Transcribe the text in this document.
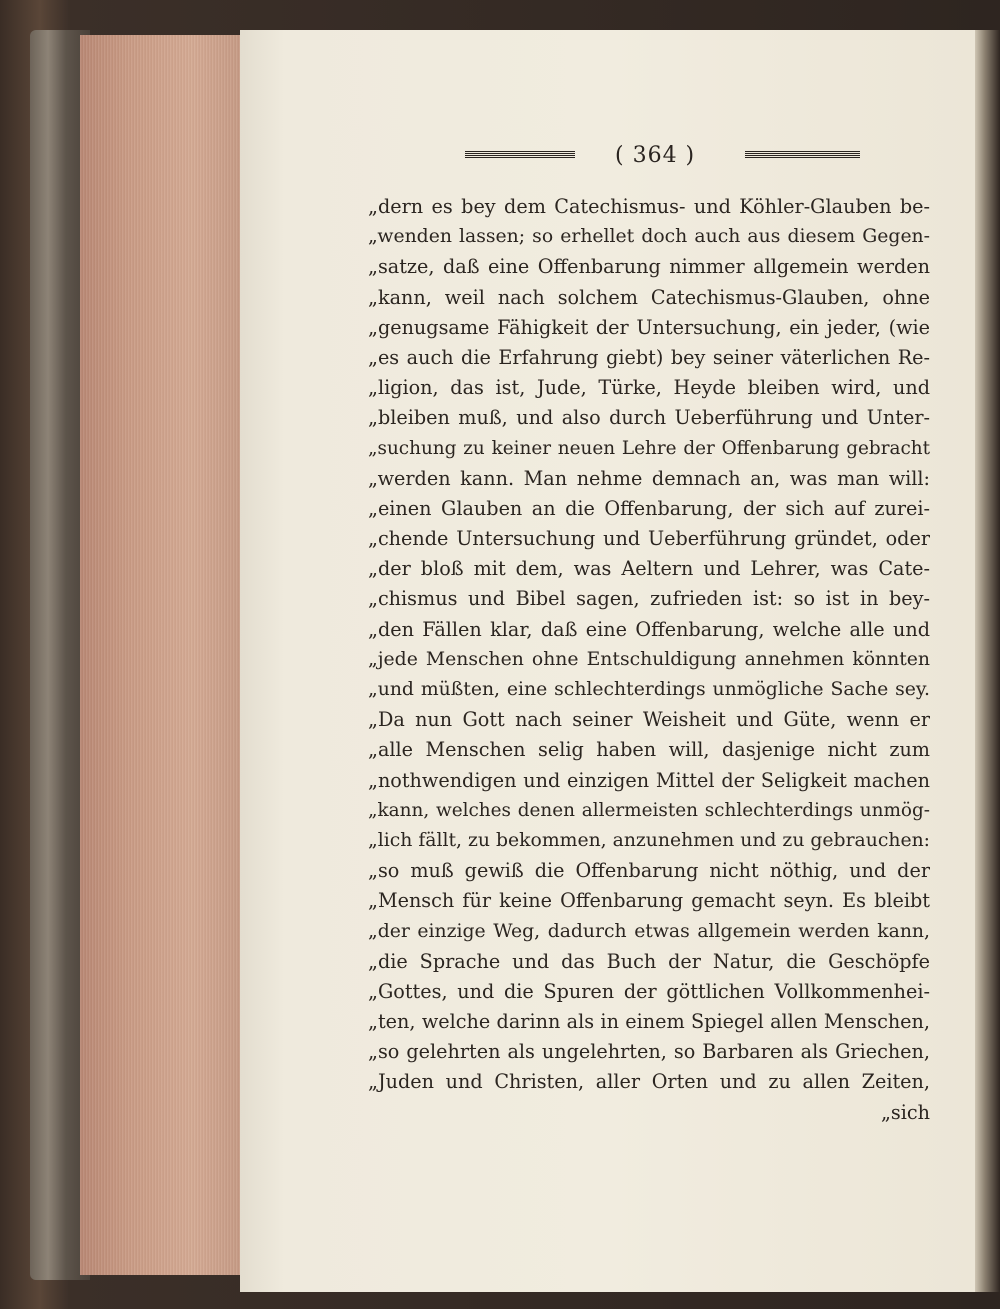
( 364 )
„dern es bey dem Catechismus- und Köhler-Glauben be-
„wenden lassen; so erhellet doch auch aus diesem Gegen-
„satze, daß eine Offenbarung nimmer allgemein werden
„kann, weil nach solchem Catechismus-Glauben, ohne
„genugsame Fähigkeit der Untersuchung, ein jeder, (wie
„es auch die Erfahrung giebt) bey seiner väterlichen Re-
„ligion, das ist, Jude, Türke, Heyde bleiben wird, und
„bleiben muß, und also durch Ueberführung und Unter-
„suchung zu keiner neuen Lehre der Offenbarung gebracht
„werden kann. Man nehme demnach an, was man will:
„einen Glauben an die Offenbarung, der sich auf zurei-
„chende Untersuchung und Ueberführung gründet, oder
„der bloß mit dem, was Aeltern und Lehrer, was Cate-
„chismus und Bibel sagen, zufrieden ist: so ist in bey-
„den Fällen klar, daß eine Offenbarung, welche alle und
„jede Menschen ohne Entschuldigung annehmen könnten
„und müßten, eine schlechterdings unmögliche Sache sey.
„Da nun Gott nach seiner Weisheit und Güte, wenn er
„alle Menschen selig haben will, dasjenige nicht zum
„nothwendigen und einzigen Mittel der Seligkeit machen
„kann, welches denen allermeisten schlechterdings unmög-
„lich fällt, zu bekommen, anzunehmen und zu gebrauchen:
„so muß gewiß die Offenbarung nicht nöthig, und der
„Mensch für keine Offenbarung gemacht seyn. Es bleibt
„der einzige Weg, dadurch etwas allgemein werden kann,
„die Sprache und das Buch der Natur, die Geschöpfe
„Gottes, und die Spuren der göttlichen Vollkommenhei-
„ten, welche darinn als in einem Spiegel allen Menschen,
„so gelehrten als ungelehrten, so Barbaren als Griechen,
„Juden und Christen, aller Orten und zu allen Zeiten,
„sich
